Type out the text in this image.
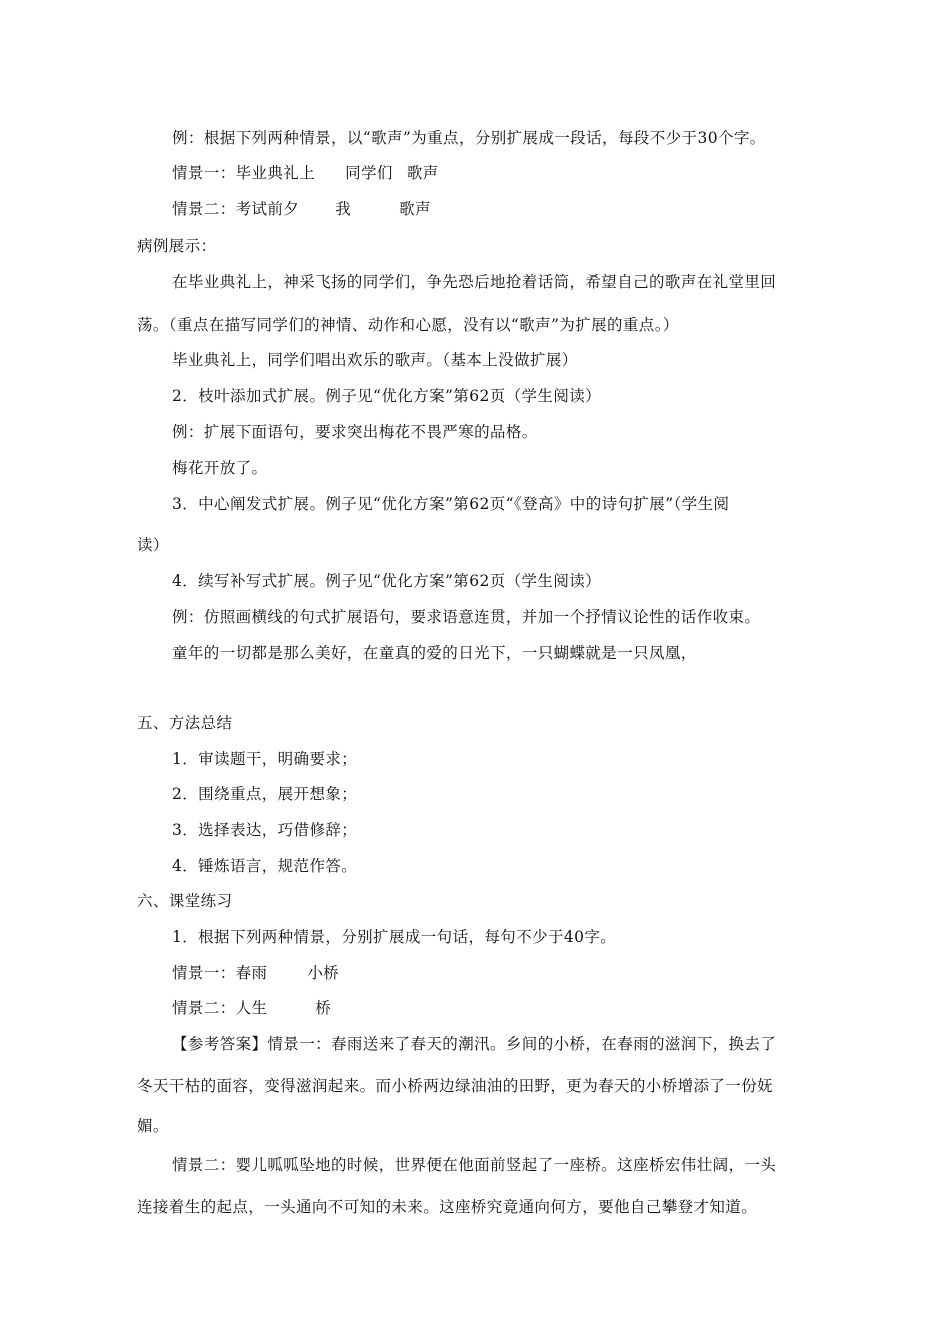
例：根据下列两种情景，以“歌声”为重点，分别扩展成一段话，每段不少于30个字。
情景一：毕业典礼上 同学们 歌声
情景二：考试前夕 我	歌声
病例展示：
在毕业典礼上，神采飞扬的同学们，争先恐后地抢着话筒，希望自己的歌声在礼堂里回
荡。（重点在描写同学们的神情、动作和心愿，没有以“歌声”为扩展的重点。）
毕业典礼上，同学们唱出欢乐的歌声。（基本上没做扩展）
2．枝叶添加式扩展。例子见“优化方案”第62页（学生阅读）
例：扩展下面语句，要求突出梅花不畏严寒的品格。
梅花开放了。
3．中心阐发式扩展。例子见“优化方案”第62页“《登高》中的诗句扩展”（学生阅
读）
4．续写补写式扩展。例子见“优化方案”第62页（学生阅读）
例：仿照画横线的句式扩展语句，要求语意连贯，并加一个抒情议论性的话作收束。
童年的一切都是那么美好，在童真的爱的日光下，一只蝴蝶就是一只凤凰，
五、方法总结
1．审读题干，明确要求；
2．围绕重点，展开想象；
3．选择表达，巧借修辞；
4．锤炼语言，规范作答。
六、课堂练习
1．根据下列两种情景，分别扩展成一句话，每句不少于40字。
情景一：春雨	小桥
情景二：人生	桥
【参考答案】情景一：春雨送来了春天的潮汛。乡间的小桥，在春雨的滋润下，换去了
冬天干枯的面容，变得滋润起来。而小桥两边绿油油的田野，更为春天的小桥增添了一份妩
媚。
情景二：婴儿呱呱坠地的时候，世界便在他面前竖起了一座桥。这座桥宏伟壮阔，一头
连接着生的起点，一头通向不可知的未来。这座桥究竟通向何方，要他自己攀登才知道。
